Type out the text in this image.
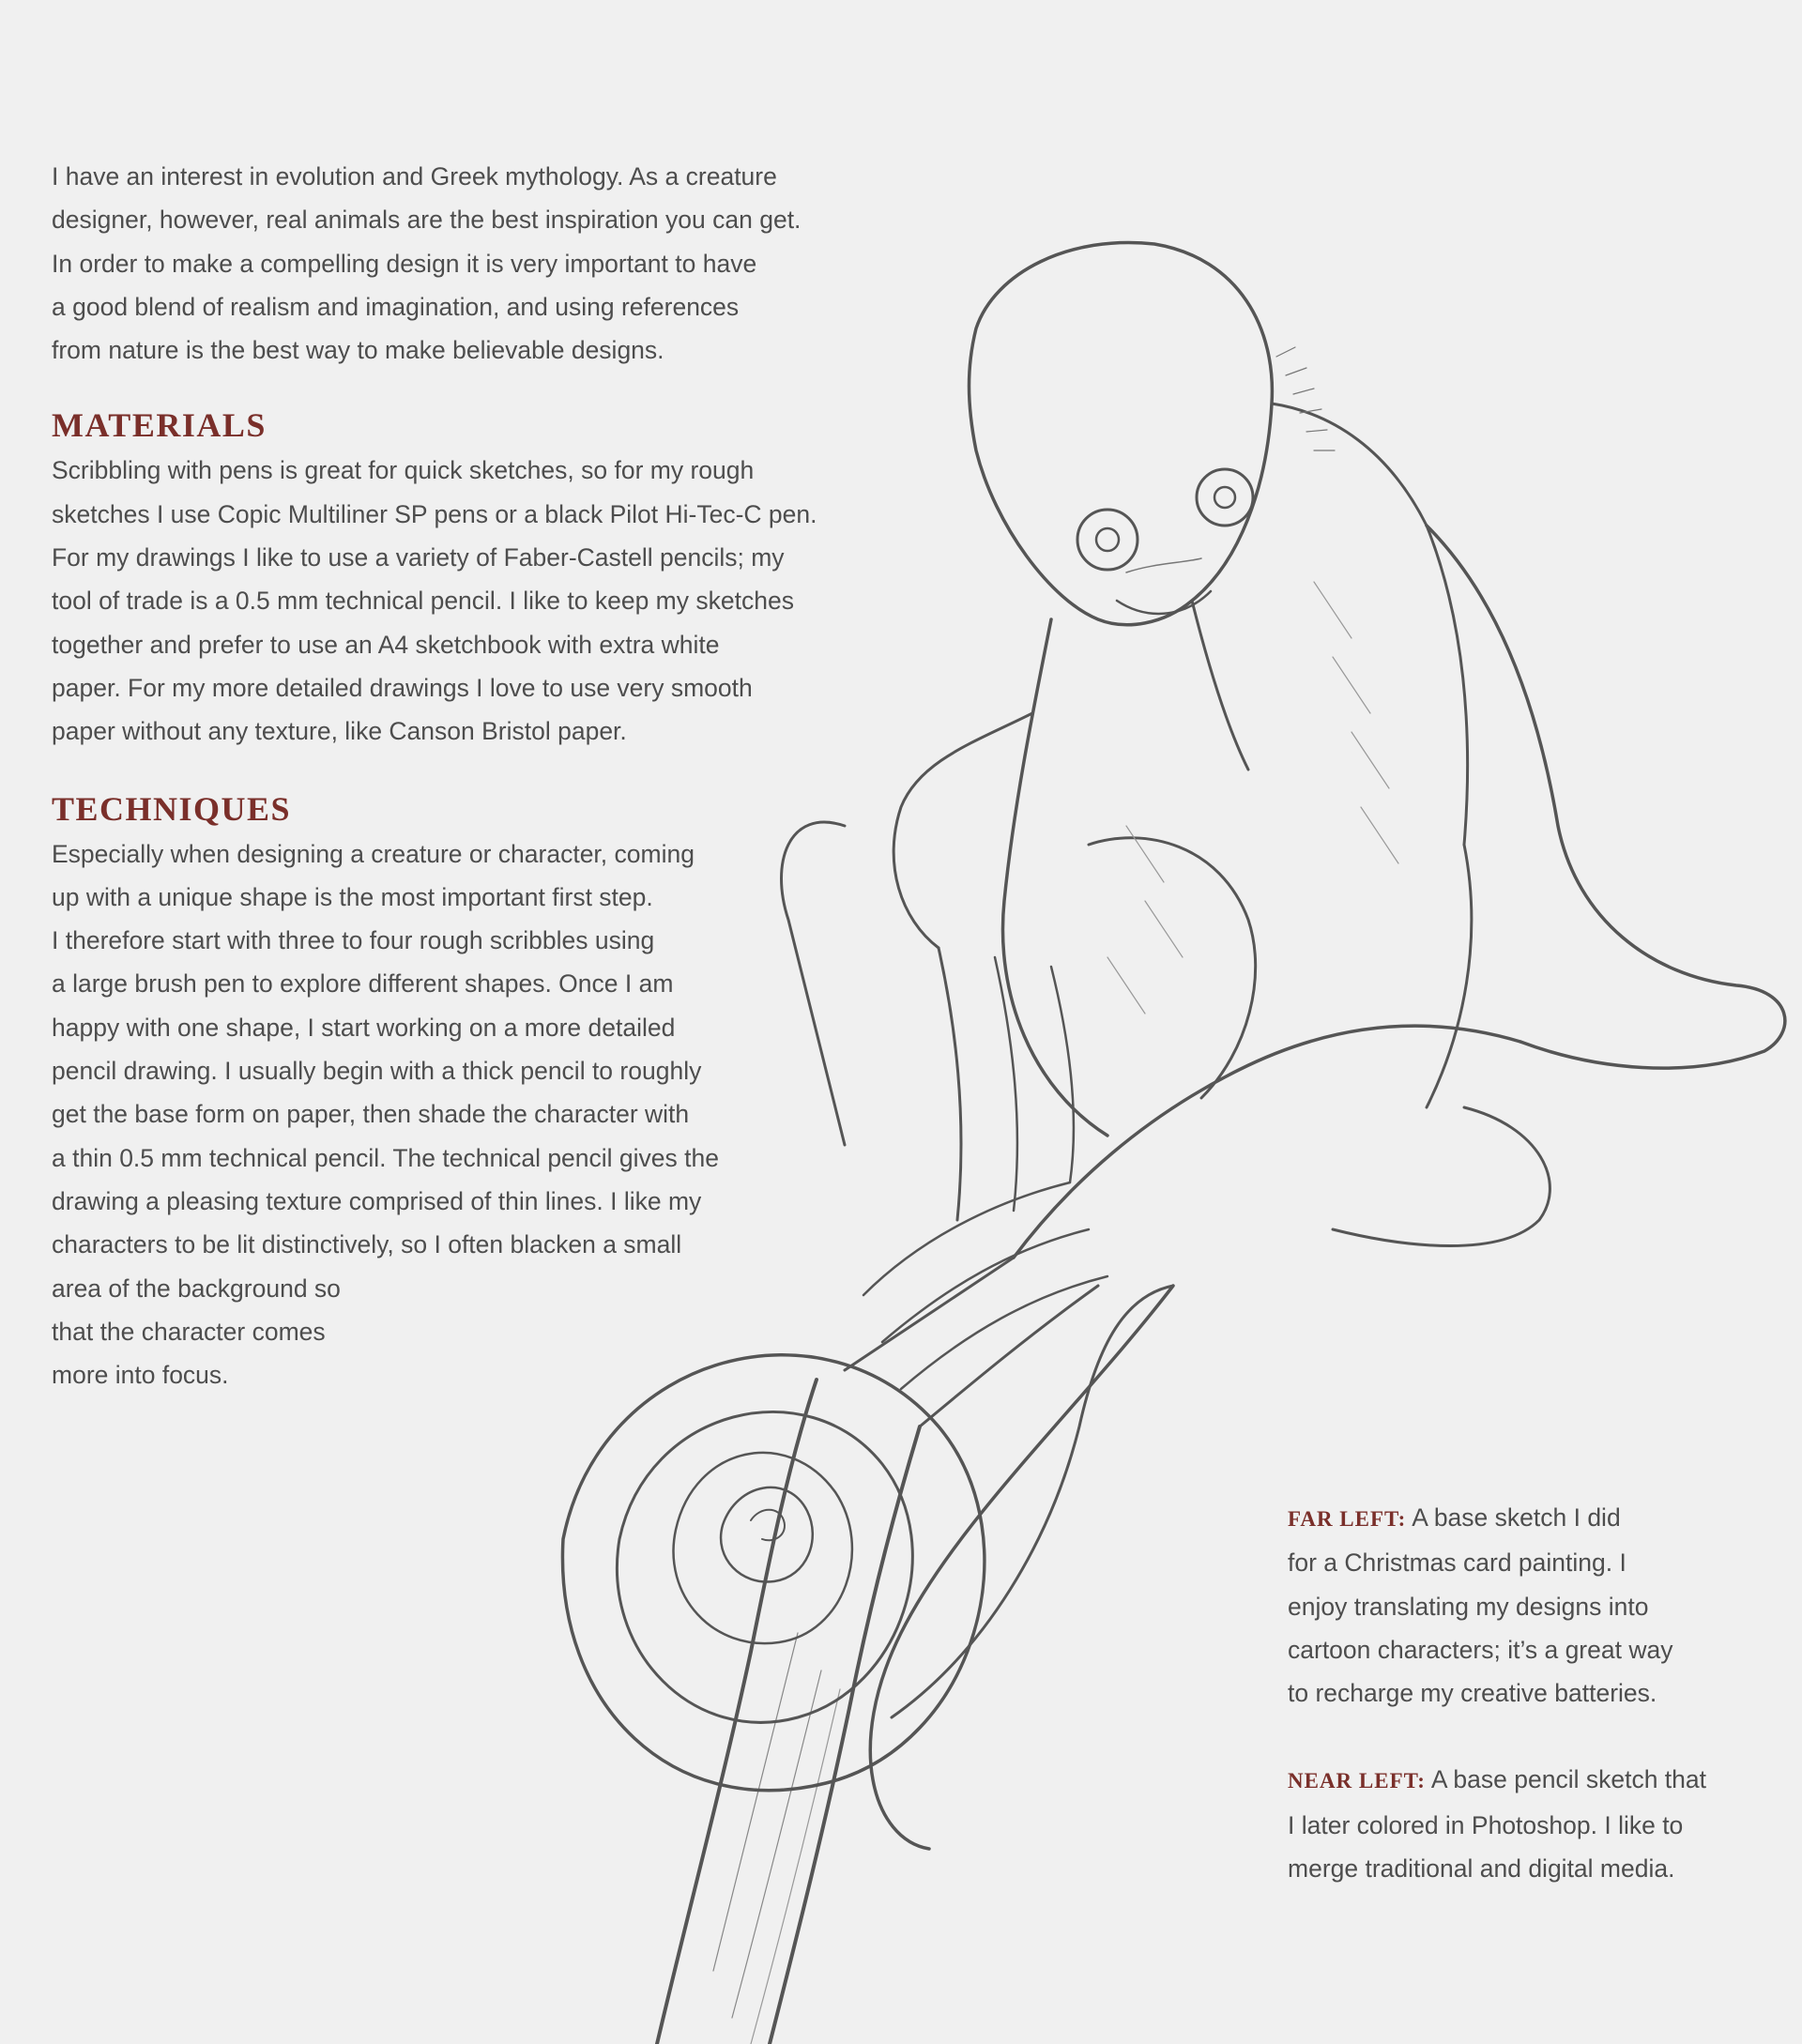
I have an interest in evolution and Greek mythology. As a creature
designer, however, real animals are the best inspiration you can get.
In order to make a compelling design it is very important to have
a good blend of realism and imagination, and using references
from nature is the best way to make believable designs.

MATERIALS

Scribbling with pens is great for quick sketches, so for my rough
sketches I use Copic Multiliner SP pens or a black Pilot Hi-Tec-C pen.
For my drawings I like to use a variety of Faber-Castell pencils; my
tool of trade is a 0.5 mm technical pencil. I like to keep my sketches
together and prefer to use an A4 sketchbook with extra white
paper. For my more detailed drawings I love to use very smooth
paper without any texture, like Canson Bristol paper.

TECHNIQUES

Especially when designing a creature or character, coming
up with a unique shape is the most important first step.
I therefore start with three to four rough scribbles using
a large brush pen to explore different shapes. Once I am
happy with one shape, I start working on a more detailed
pencil drawing. I usually begin with a thick pencil to roughly
get the base form on paper, then shade the character with
a thin 0.5 mm technical pencil. The technical pencil gives the
drawing a pleasing texture comprised of thin lines. I like my
characters to be lit distinctively, so I often blacken a small
area of the background so
that the character comes
more into focus.

FAR LEFT: A base sketch I did
for a Christmas card painting. I
enjoy translating my designs into
cartoon characters; it’s a great way
to recharge my creative batteries.

NEAR LEFT: A base pencil sketch that
I later colored in Photoshop. I like to
merge traditional and digital media.
